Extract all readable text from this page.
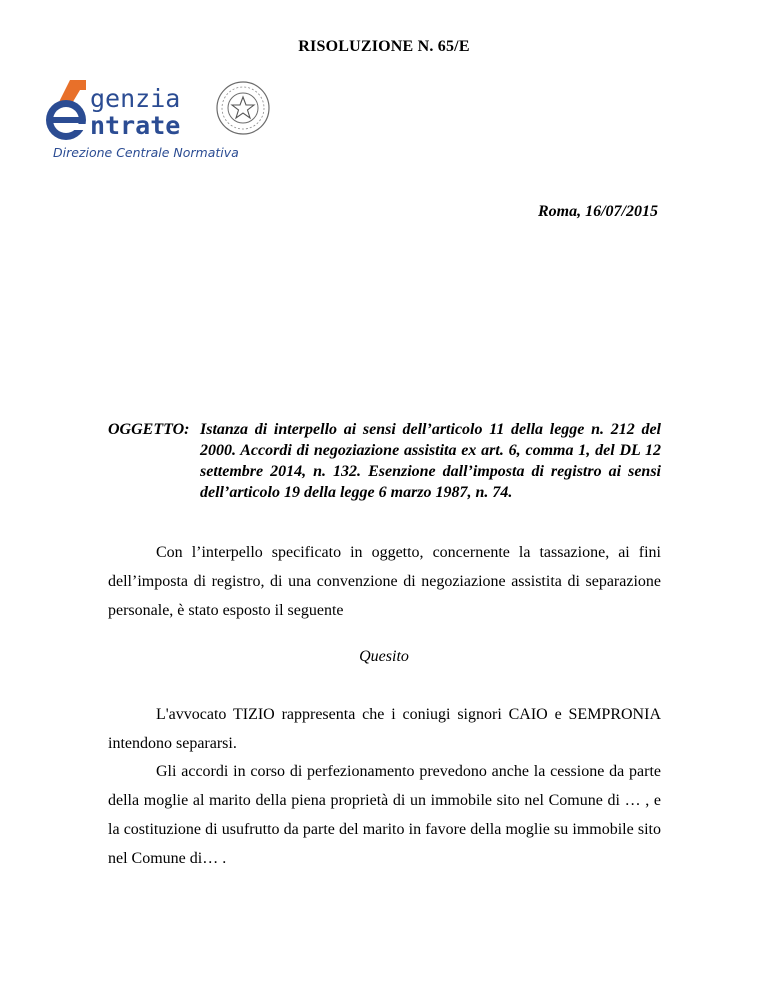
RISOLUZIONE N. 65/E
genzia
ntrate
Direzione Centrale Normativa
Roma, 16/07/2015
OGGETTO: Istanza di interpello ai sensi dell’articolo 11 della legge n. 212 del 2000. Accordi di negoziazione assistita ex art. 6, comma 1, del DL 12 settembre 2014, n. 132. Esenzione dall’imposta di registro ai sensi dell’articolo 19 della legge 6 marzo 1987, n. 74.
Con l’interpello specificato in oggetto, concernente la tassazione, ai fini dell’imposta di registro, di una convenzione di negoziazione assistita di separazione personale, è stato esposto il seguente
Quesito
L'avvocato TIZIO rappresenta che i coniugi signori CAIO e SEMPRONIA intendono separarsi.
Gli accordi in corso di perfezionamento prevedono anche la cessione da parte della moglie al marito della piena proprietà di un immobile sito nel Comune di … , e la costituzione di usufrutto da parte del marito in favore della moglie su immobile sito nel Comune di… .
